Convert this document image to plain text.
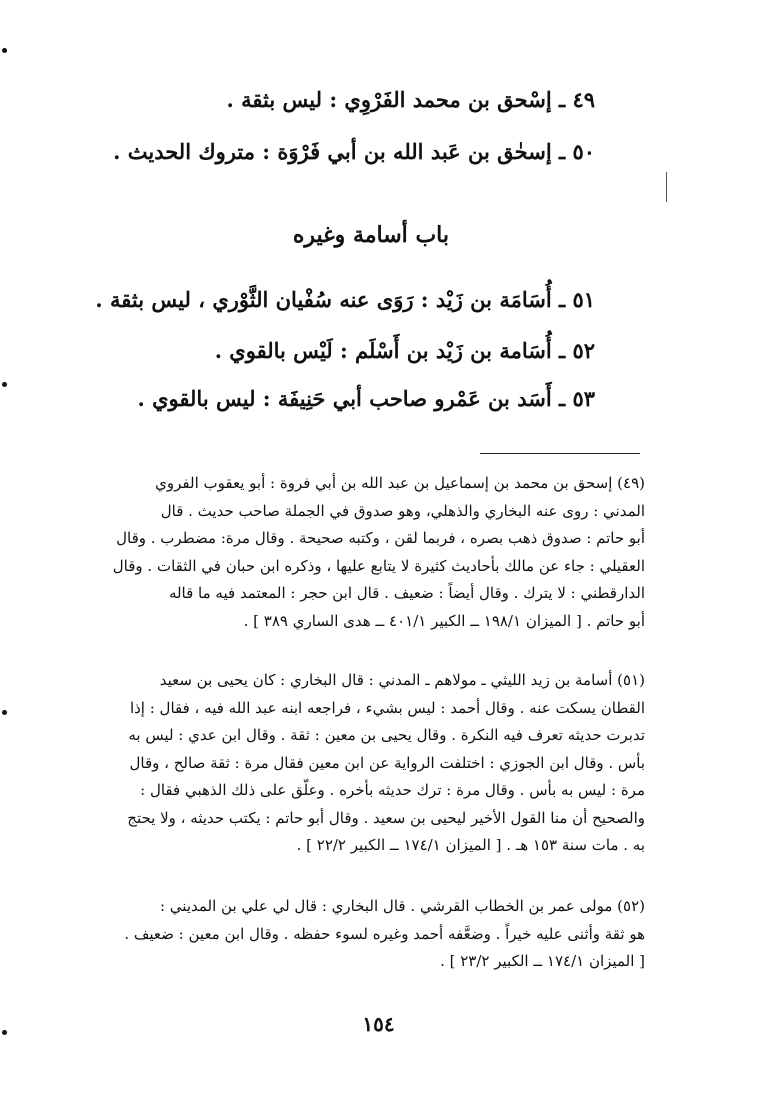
٤٩ ـ إسْحق بن محمد الفَرْوِي : ليس بثقة .
٥٠ ـ إسحٰق بن عَبد الله بن أبي فَرْوَة : متروك الحديث .
باب أسامة وغيره
٥١ ـ أُسَامَة بن زَيْد : رَوَى عنه سُفْيان الثَّوْري ، ليس بثقة .
٥٢ ـ أُسَامة بن زَيْد بن أَسْلَم : لَيْس بالقوي .
٥٣ ـ أَسَد بن عَمْرو صاحب أبي حَنِيفَة : ليس بالقوي .
(٤٩) إسحق بن محمد بن إسماعيل بن عبد الله بن أبي فروة : أبو يعقوب الفروي
المدني : روى عنه البخاري والذهلي، وهو صدوق في الجملة صاحب حديث . قال
أبو حاتم : صدوق ذهب بصره ، فربما لقن ، وكتبه صحيحة . وقال مرة: مضطرب . وقال
العقيلي : جاء عن مالك بأحاديث كثيرة لا يتابع عليها ، وذكره ابن حبان في الثقات . وقال
الدارقطني : لا يترك . وقال أيضاً : ضعيف . قال ابن حجر : المعتمد فيه ما قاله
أبو حاتم . [ الميزان ١٩٨/١ ــ الكبير ٤٠١/١ ــ هدى الساري ٣٨٩ ] .
(٥١) أسامة بن زيد الليثي ـ مولاهم ـ المدني : قال البخاري : كان يحيى بن سعيد
القطان يسكت عنه . وقال أحمد : ليس بشيء ، فراجعه ابنه عبد الله فيه ، فقال : إذا
تدبرت حديثه تعرف فيه النكرة . وقال يحيى بن معين : ثقة . وقال ابن عدي : ليس به
بأس . وقال ابن الجوزي : اختلفت الرواية عن ابن معين فقال مرة : ثقة صالح ، وقال
مرة : ليس به بأس . وقال مرة : ترك حديثه بأخره . وعلّق على ذلك الذهبي فقال :
والصحيح أن منا القول الأخير ليحيى بن سعيد . وقال أبو حاتم : يكتب حديثه ، ولا يحتج
به . مات سنة ١٥٣ هـ . [ الميزان ١٧٤/١ ــ الكبير ٢٢/٢ ] .
(٥٢) مولى عمر بن الخطاب القرشي . قال البخاري : قال لي علي بن المديني :
هو ثقة وأثنى عليه خيراً . وضعَّفه أحمد وغيره لسوء حفظه . وقال ابن معين : ضعيف .
[ الميزان ١٧٤/١ ــ الكبير ٢٣/٢ ] .
١٥٤
